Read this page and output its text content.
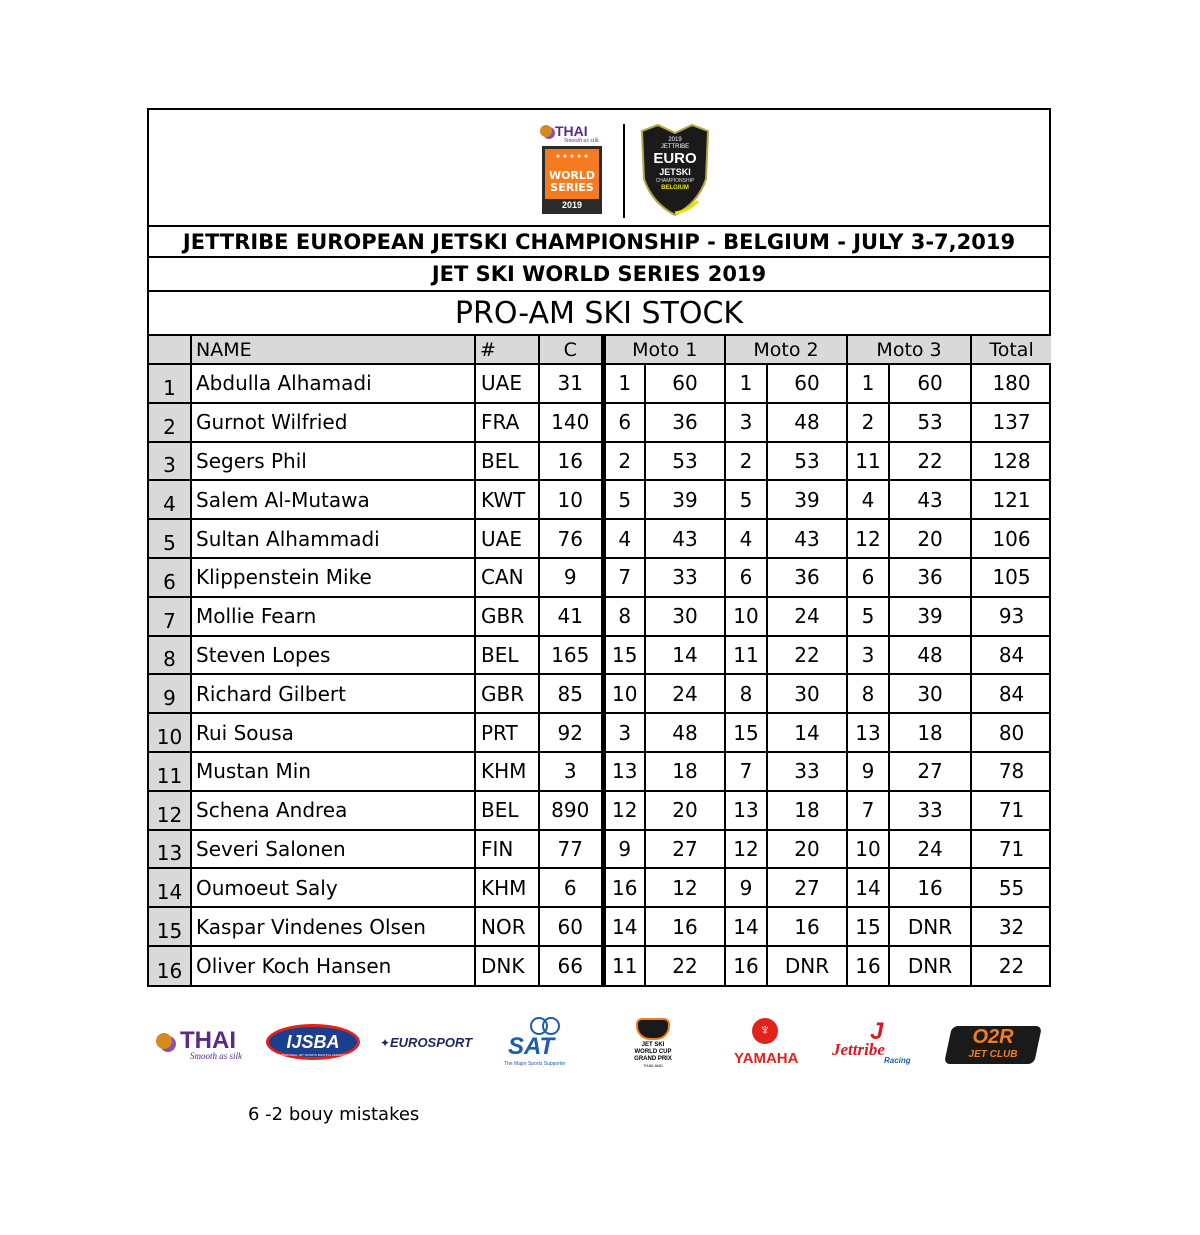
THAI
Smooth as silk
★ ★ ★ ★ ★
WORLD
SERIES
2019
2019
JETTRIBE
EURO
JETSKI
CHAMPIONSHIP
BELGIUM
JETTRIBE EUROPEAN JETSKI CHAMPIONSHIP - BELGIUM - JULY 3-7,2019
JET SKI WORLD SERIES 2019
PRO-AM SKI STOCK
	NAME	#	C	Moto 1		Moto 2		Moto 3		Total
1	Abdulla Alhamadi	UAE	31	1	60	1	60	1	60	180
2	Gurnot Wilfried	FRA	140	6	36	3	48	2	53	137
3	Segers Phil	BEL	16	2	53	2	53	11	22	128
4	Salem Al-Mutawa	KWT	10	5	39	5	39	4	43	121
5	Sultan Alhammadi	UAE	76	4	43	4	43	12	20	106
6	Klippenstein Mike	CAN	9	7	33	6	36	6	36	105
7	Mollie Fearn	GBR	41	8	30	10	24	5	39	93
8	Steven Lopes	BEL	165	15	14	11	22	3	48	84
9	Richard Gilbert	GBR	85	10	24	8	30	8	30	84
10	Rui Sousa	PRT	92	3	48	15	14	13	18	80
11	Mustan Min	KHM	3	13	18	7	33	9	27	78
12	Schena Andrea	BEL	890	12	20	13	18	7	33	71
13	Severi Salonen	FIN	77	9	27	12	20	10	24	71
14	Oumoeut Saly	KHM	6	16	12	9	27	14	16	55
15	Kaspar Vindenes Olsen	NOR	60	14	16	14	16	15	DNR	32
16	Oliver Koch Hansen	DNK	66	11	22	16	DNR	16	DNR	22
THAI
Smooth as silk
IJSBA
INTERNATIONAL JET SPORTS BOATING ASSOCIATION
✦ EUROSPORT SAT
The Major Sports Supporter
JET SKI
WORLD CUP
GRAND PRIX
THAILAND
♆
YAMAHA
J
Jettribe
Racing
O2R
JET CLUB
6 -2 bouy mistakes
